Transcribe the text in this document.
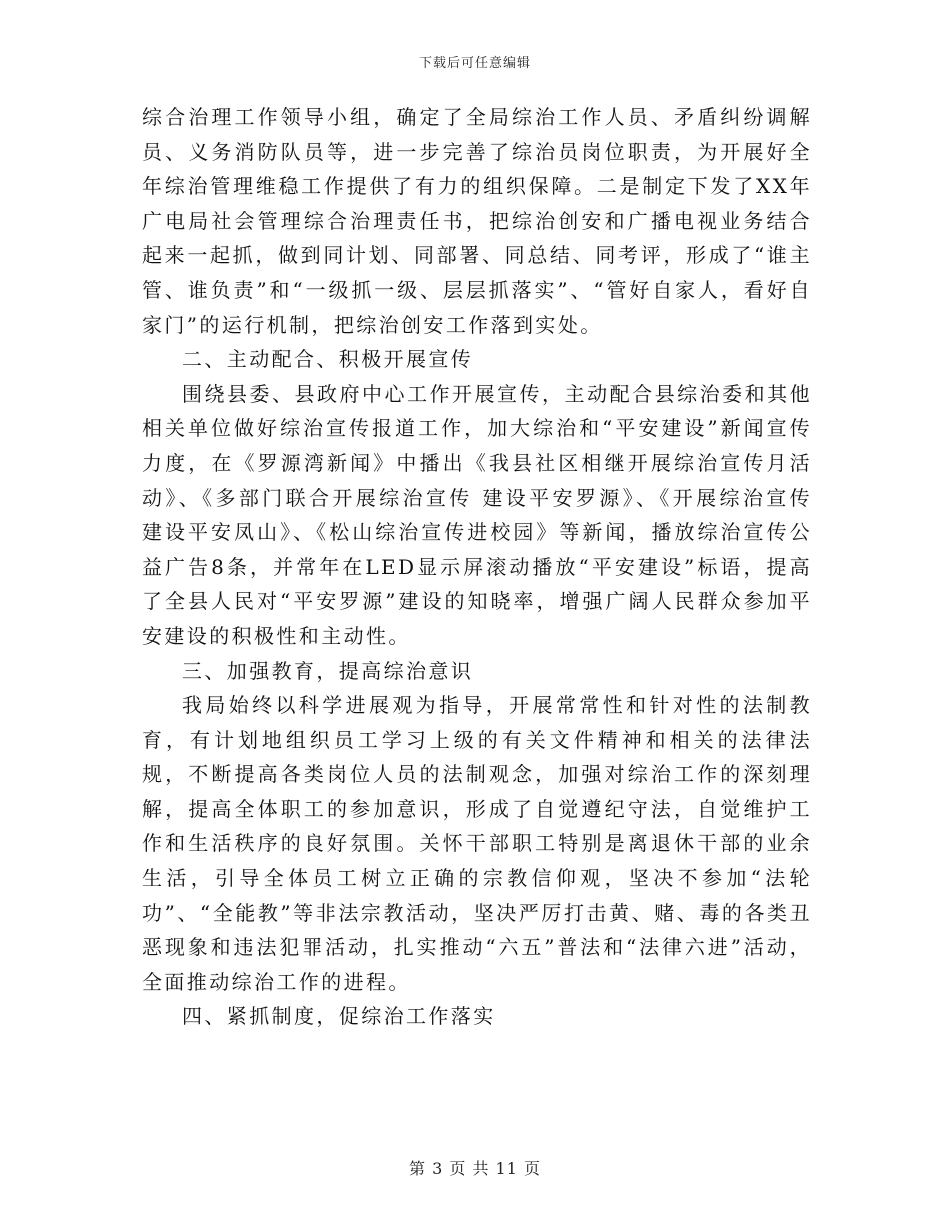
下载后可任意编辑

综合治理工作领导小组，确定了全局综治工作人员、矛盾纠纷调解员、义务消防队员等，进一步完善了综治员岗位职责，为开展好全年综治管理维稳工作提供了有力的组织保障。二是制定下发了XX年广电局社会管理综合治理责任书，把综治创安和广播电视业务结合起来一起抓，做到同计划、同部署、同总结、同考评，形成了“谁主管、谁负责”和“一级抓一级、层层抓落实”、“管好自家人，看好自家门”的运行机制，把综治创安工作落到实处。

二、主动配合、积极开展宣传

围绕县委、县政府中心工作开展宣传，主动配合县综治委和其他相关单位做好综治宣传报道工作，加大综治和“平安建设”新闻宣传力度，在《罗源湾新闻》中播出《我县社区相继开展综治宣传月活动》、《多部门联合开展综治宣传 建设平安罗源》、《开展综治宣传 建设平安凤山》、《松山综治宣传进校园》等新闻，播放综治宣传公益广告8条，并常年在LED显示屏滚动播放“平安建设”标语，提高了全县人民对“平安罗源”建设的知晓率，增强广阔人民群众参加平安建设的积极性和主动性。

三、加强教育，提高综治意识

我局始终以科学进展观为指导，开展常常性和针对性的法制教育，有计划地组织员工学习上级的有关文件精神和相关的法律法规，不断提高各类岗位人员的法制观念，加强对综治工作的深刻理解，提高全体职工的参加意识，形成了自觉遵纪守法，自觉维护工作和生活秩序的良好氛围。关怀干部职工特别是离退休干部的业余生活，引导全体员工树立正确的宗教信仰观，坚决不参加“法轮功”、“全能教”等非法宗教活动，坚决严厉打击黄、赌、毒的各类丑恶现象和违法犯罪活动，扎实推动“六五”普法和“法律六进”活动，全面推动综治工作的进程。

四、紧抓制度，促综治工作落实

第 3 页 共 11 页
